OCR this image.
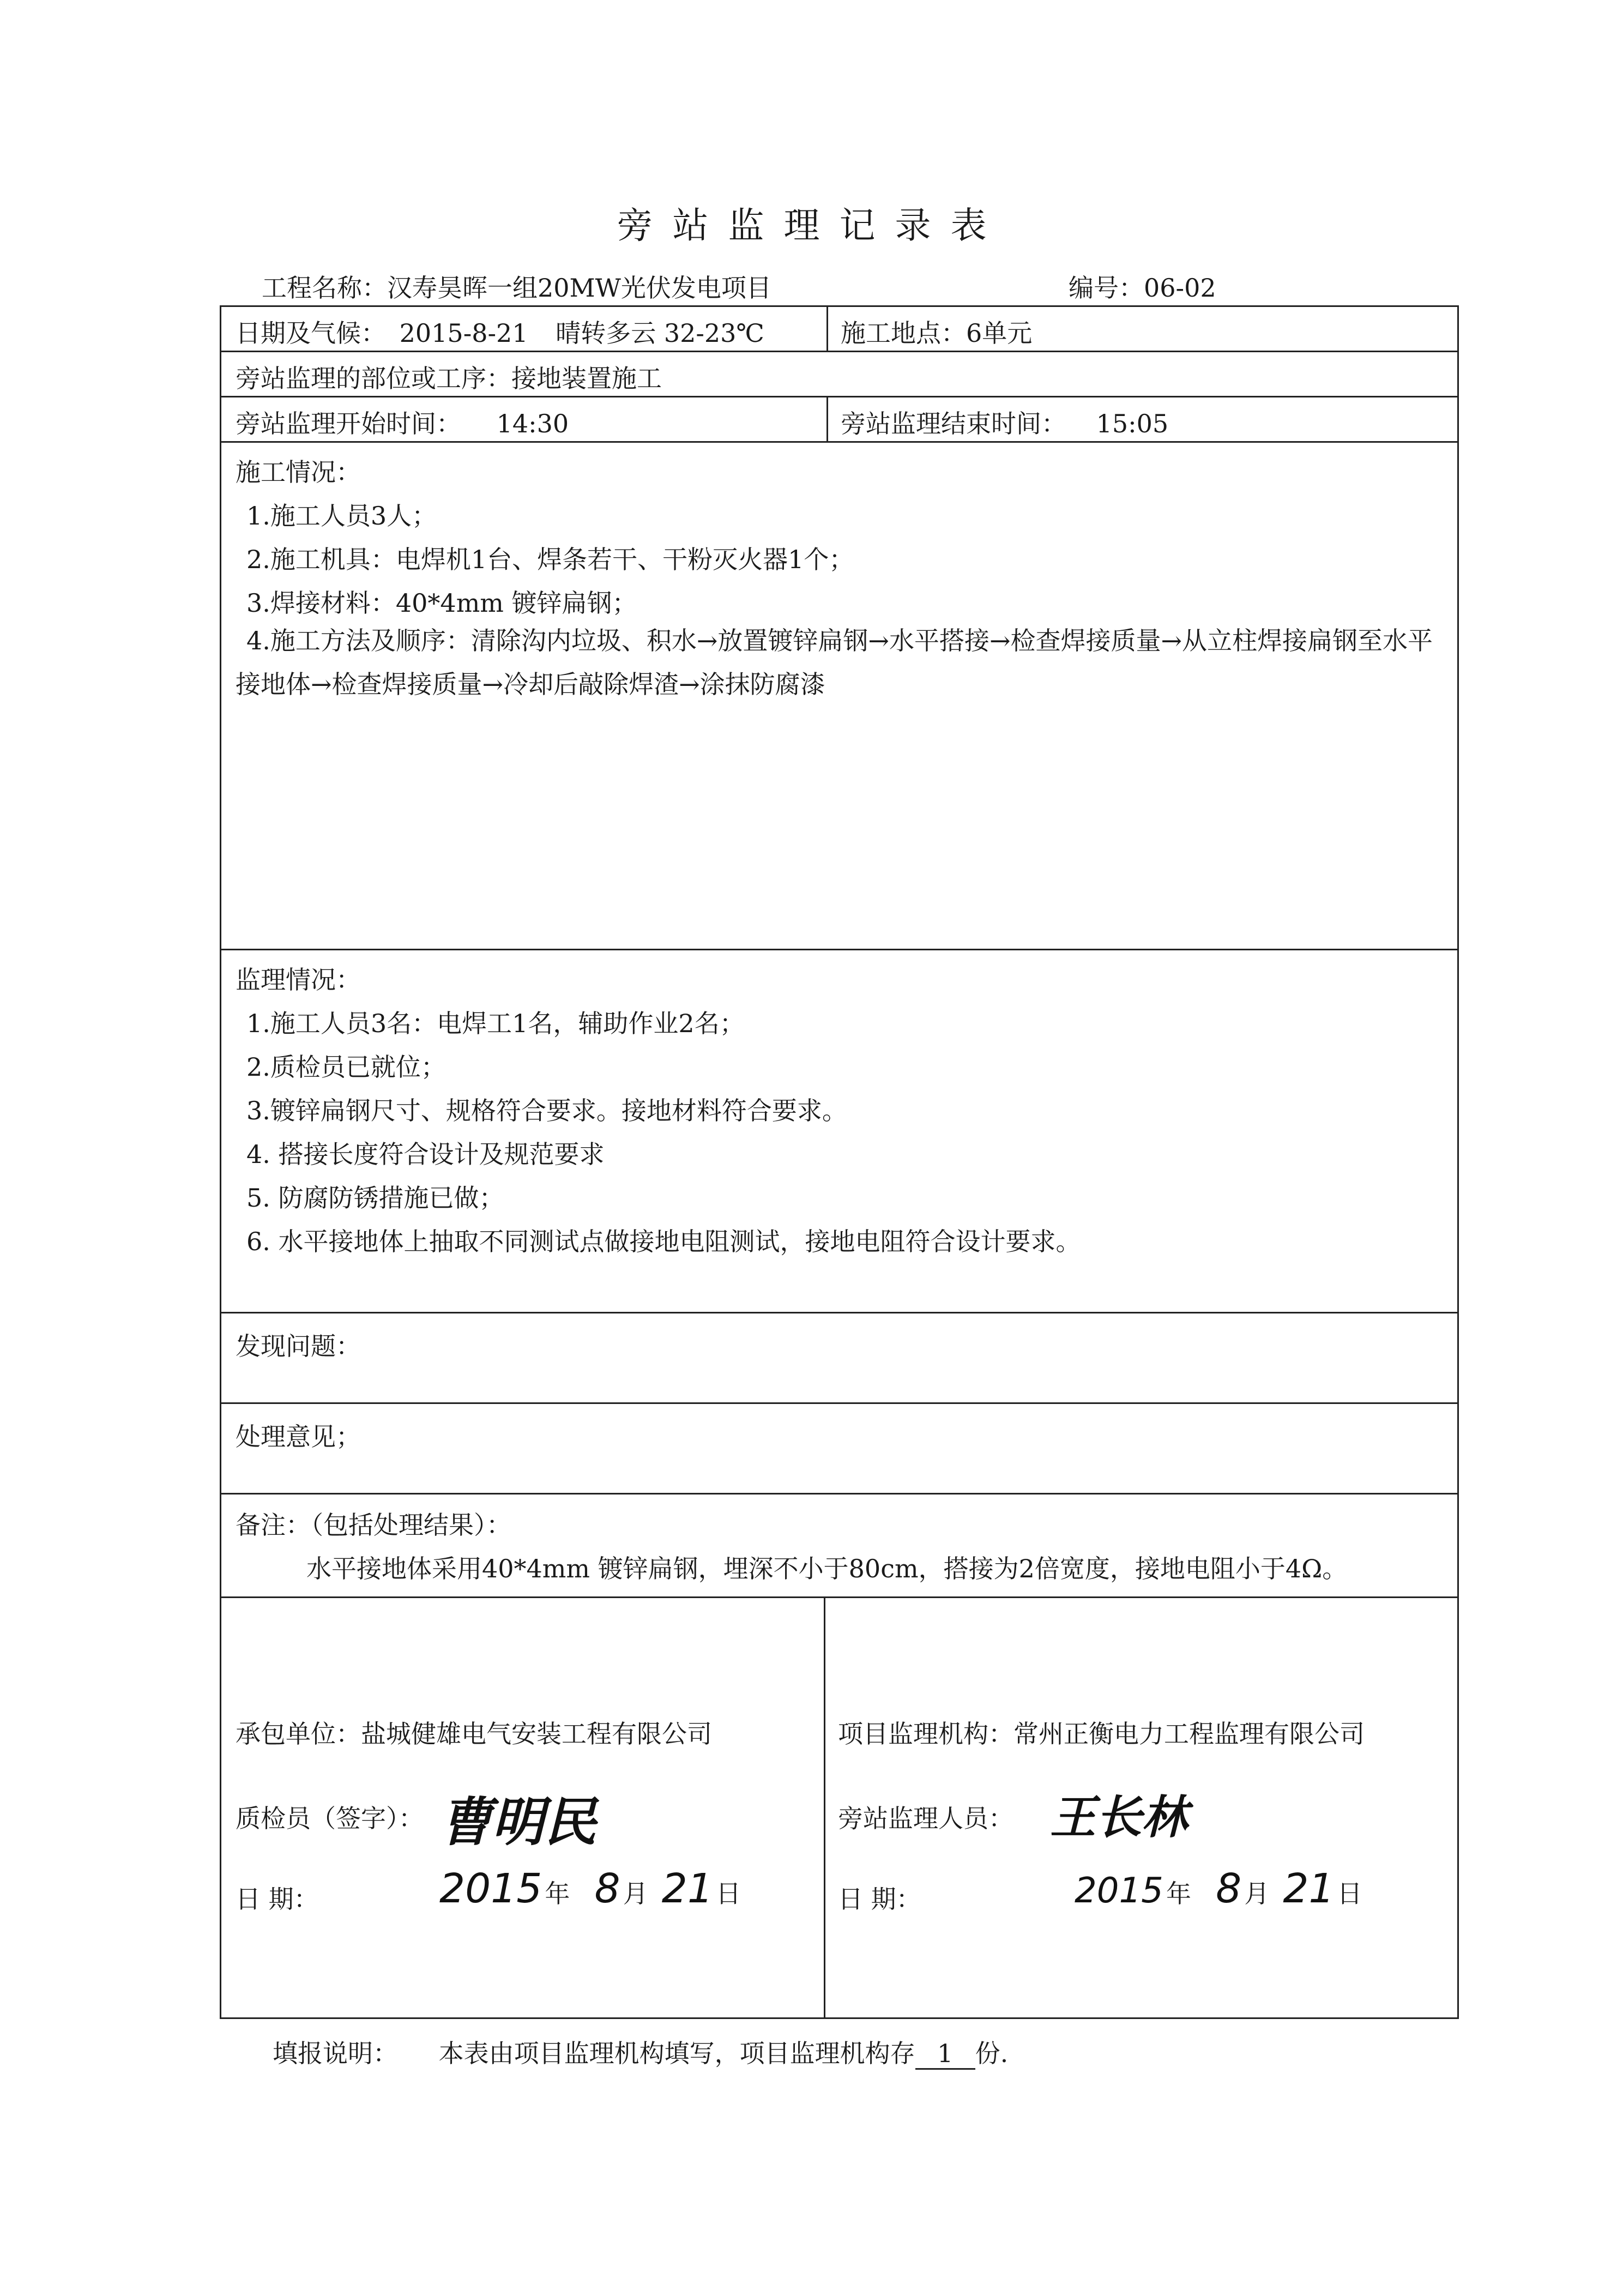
旁站监理记录表
工程名称：汉寿昊晖一组20MW光伏发电项目	编号：06-02
日期及气候： 2015-8-21 晴转多云 32-23℃	施工地点：6单元
旁站监理的部位或工序：接地装置施工
旁站监理开始时间： 14:30	旁站监理结束时间： 15:05
施工情况：
1.施工人员3人；
2.施工机具：电焊机1台、焊条若干、干粉灭火器1个；
3.焊接材料：40*4mm 镀锌扁钢；
4.施工方法及顺序：清除沟内垃圾、积水→放置镀锌扁钢→水平搭接→检查焊接质量→从立柱焊接扁钢至水平接地体→检查焊接质量→冷却后敲除焊渣→涂抹防腐漆
监理情况：
1.施工人员3名：电焊工1名，辅助作业2名；
2.质检员已就位；
3.镀锌扁钢尺寸、规格符合要求。接地材料符合要求。
4. 搭接长度符合设计及规范要求
5. 防腐防锈措施已做；
6. 水平接地体上抽取不同测试点做接地电阻测试，接地电阻符合设计要求。
发现问题：
处理意见；
备注：（包括处理结果）：
水平接地体采用40*4mm 镀锌扁钢，埋深不小于80cm，搭接为2倍宽度，接地电阻小于4Ω。
承包单位：盐城健雄电气安装工程有限公司
质检员（签字）： 曹明民
日 期：	2015 年 8 月 21 日
项目监理机构：常州正衡电力工程监理有限公司
旁站监理人员： 王长林
日 期：	2015 年 8 月 21 日
填报说明： 本表由项目监理机构填写，项目监理机构存 1 份.
